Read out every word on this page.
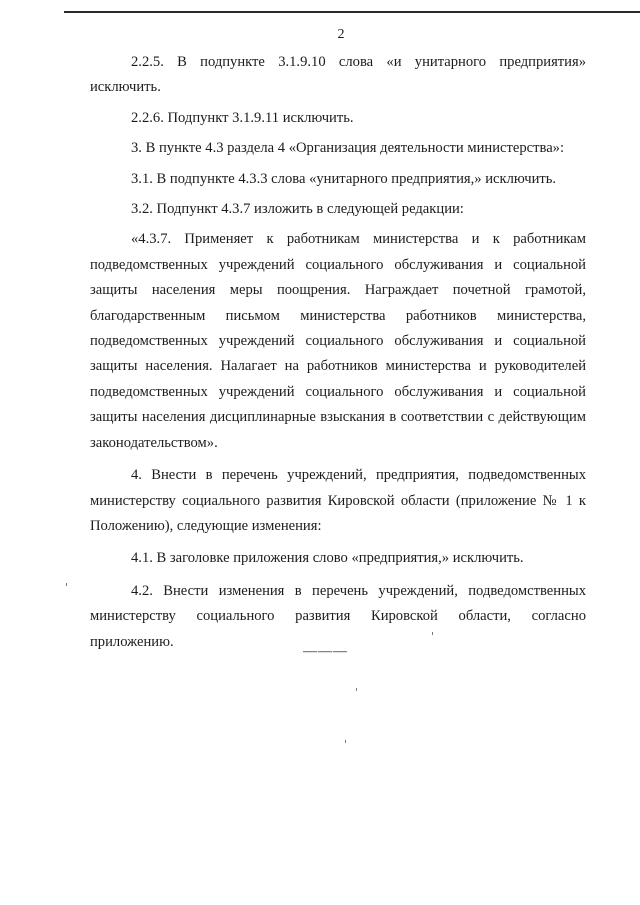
2

2.2.5. В подпункте 3.1.9.10 слова «и унитарного предприятия» исключить.

2.2.6. Подпункт 3.1.9.11 исключить.

3. В пункте 4.3 раздела 4 «Организация деятельности министерства»:

3.1. В подпункте 4.3.3 слова «унитарного предприятия,» исключить.

3.2. Подпункт 4.3.7 изложить в следующей редакции:

«4.3.7. Применяет к работникам министерства и к работникам подведомственных учреждений социального обслуживания и социальной защиты населения меры поощрения. Награждает почетной грамотой, благодарственным письмом министерства работников министерства, подведомственных учреждений социального обслуживания и социальной защиты населения. Налагает на работников министерства и руководителей подведомственных учреждений социального обслуживания и социальной защиты населения дисциплинарные взыскания в соответствии с действующим законодательством».

4. Внести в перечень учреждений, предприятия, подведомственных министерству социального развития Кировской области (приложение № 1 к Положению), следующие изменения:

4.1. В заголовке приложения слово «предприятия,» исключить.

4.2. Внести изменения в перечень учреждений, подведомственных министерству социального развития Кировской области, согласно приложению.

———
